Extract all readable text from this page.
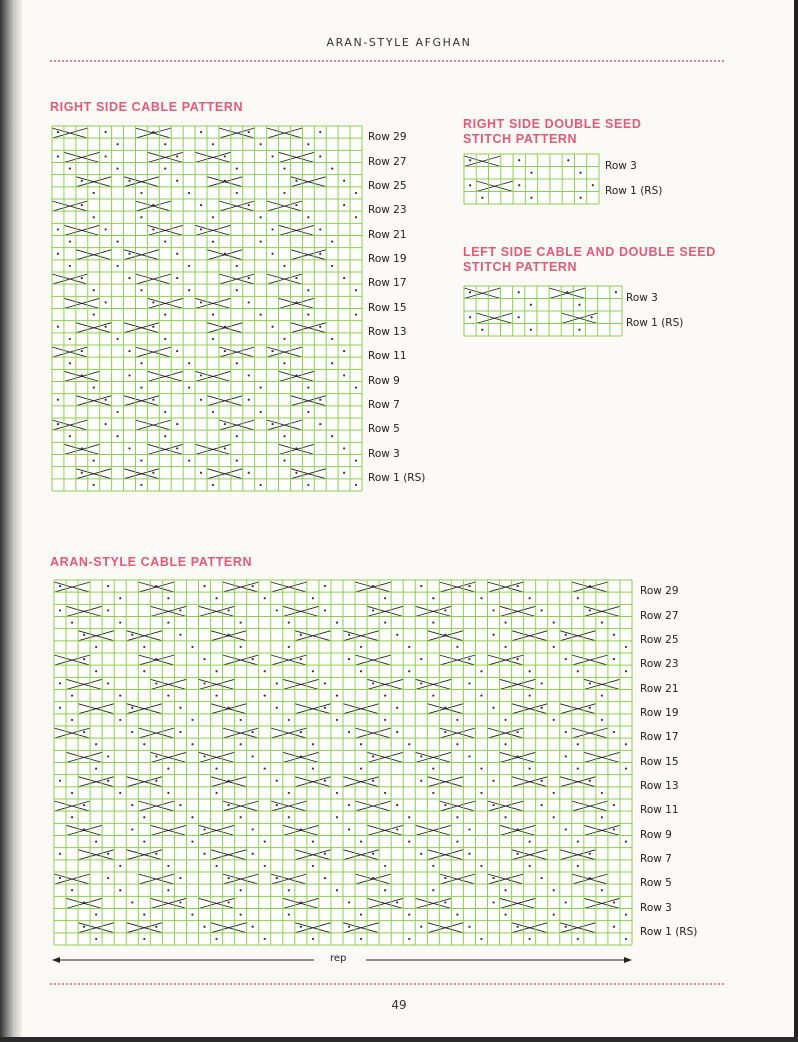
ARAN-STYLE AFGHAN
RIGHT SIDE CABLE PATTERN
Row 29
Row 27
Row 25
Row 23
Row 21
Row 19
Row 17
Row 15
Row 13
Row 11
Row 9
Row 7
Row 5
Row 3
Row 1 (RS)
RIGHT SIDE DOUBLE SEED STITCH PATTERN
Row 3
Row 1 (RS)
LEFT SIDE CABLE AND DOUBLE SEED STITCH PATTERN
Row 3
Row 1 (RS)
ARAN-STYLE CABLE PATTERN
Row 29
Row 27
Row 25
Row 23
Row 21
Row 19
Row 17
Row 15
Row 13
Row 11
Row 9
Row 7
Row 5
Row 3
Row 1 (RS)
rep
49
